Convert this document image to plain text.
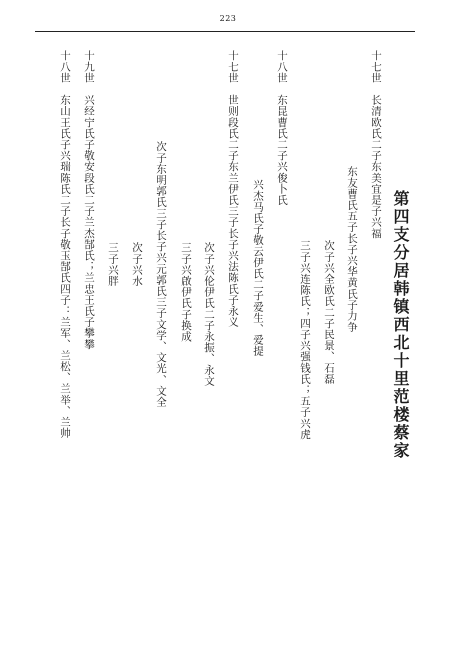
223
第四支分居韩镇西北十里范楼蔡家
十七世　长清欧氏二子东美宜是子兴福
东友曹氏五子长子兴华黄氏子力争
次子兴全欧氏二子民景、石磊
三子兴连陈氏；四子兴强钱氏；五子兴虎
十八世　东昆曹氏二子兴俊卜氏
兴杰马氏子敬云伊氏二子爱生、爱提
十七世　世则段氏二子东兰伊氏三子长子兴法陈氏子永义
次子兴伦伊氏二子永振、永文
三子兴啟伊氏子换成
次子东明郭氏三子长子兴元郭氏三子文学、文光、文全
次子兴水
三子兴胖
十九世　兴经宁氏子敬安段氏二子兰杰郜氏；兰忠王氏子攀攀
十八世　东山王氏子兴瑞陈氏二子长子敬玉郜氏四子：兰军、兰松、兰举、兰帅
